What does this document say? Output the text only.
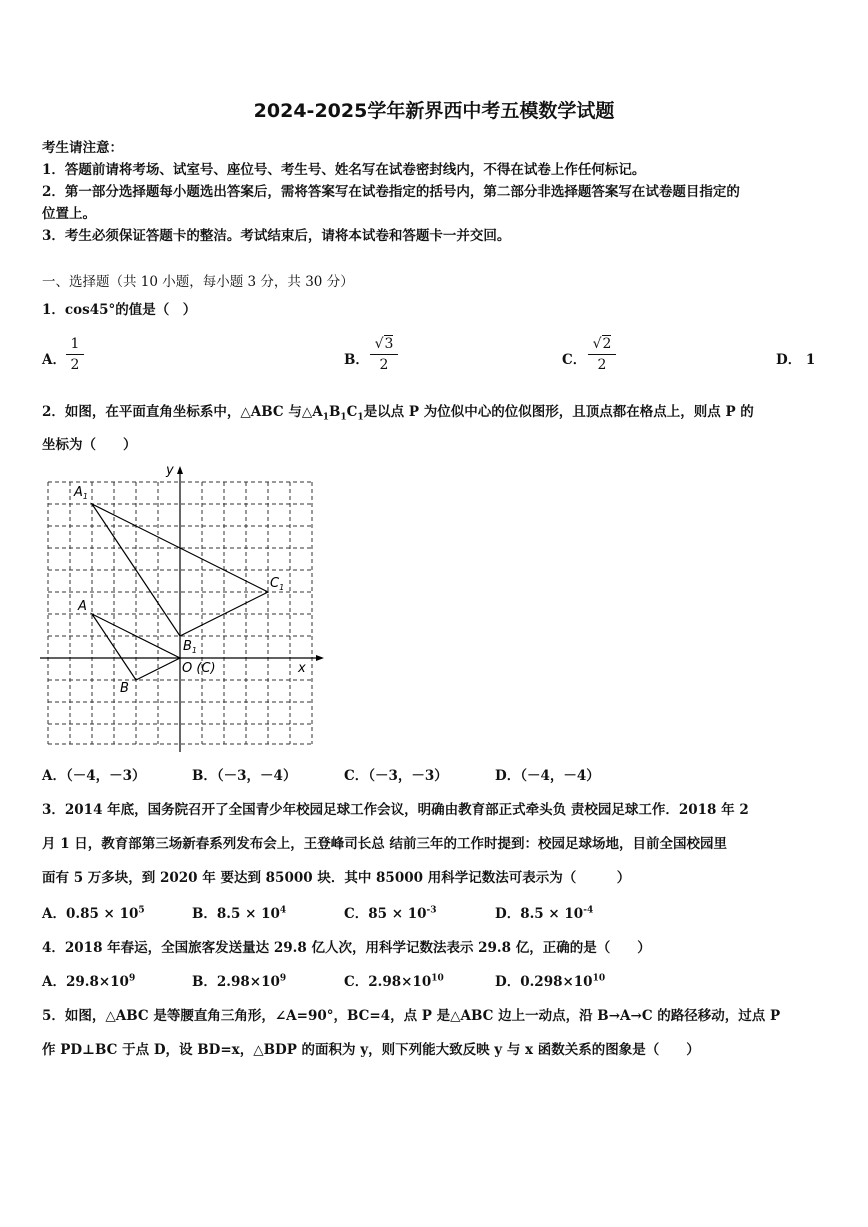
2024-2025学年新界西中考五模数学试题
考生请注意：
1．答题前请将考场、试室号、座位号、考生号、姓名写在试卷密封线内，不得在试卷上作任何标记。
2．第一部分选择题每小题选出答案后，需将答案写在试卷指定的括号内，第二部分非选择题答案写在试卷题目指定的
位置上。
3．考生必须保证答题卡的整洁。考试结束后，请将本试卷和答题卡一并交回。
一、选择题（共 10 小题，每小题 3 分，共 30 分）
1．cos45°的值是（　）
A．
1
2	B．
√3
2	C．
√2
2	D． 1
2．如图，在平面直角坐标系中，△ABC 与$\triangle A_1B_1C_1$是以点 P 为位似中心的位似图形，且顶点都在格点上，则点 P 的
坐标为（　　）
y
x
$A_1$
$B_1$
$C_1$
A
B
O (C)
A．（－4，－3）	B．（－3，－4）	C．（－3，－3）	D．（－4，－4）
3．2014 年底，国务院召开了全国青少年校园足球工作会议，明确由教育部正式牵头负 责校园足球工作．2018 年 2
月 1 日，教育部第三场新春系列发布会上，王登峰司长总 结前三年的工作时提到：校园足球场地，目前全国校园里
面有 5 万多块，到 2020 年 要达到 85000 块．其中 85000 用科学记数法可表示为（　　　）
A．$0.85 \times 10^5$	B．$8.5 \times 10^4$	C．$85 \times 10^{-3}$	D．$8.5 \times 10^{-4}$
4．2018 年春运，全国旅客发送量达 29.8 亿人次，用科学记数法表示 29.8 亿，正确的是（　　）
A．$29.8\times 10^9$	B．$2.98\times 10^9$	C．$2.98\times 10^{10}$	D．$0.298\times 10^{10}$
5．如图，△ABC 是等腰直角三角形，∠A=90°，BC=4，点 P 是△ABC 边上一动点，沿 B→A→C 的路径移动，过点 P
作 PD⊥BC 于点 D，设 BD=x，△BDP 的面积为 y，则下列能大致反映 y 与 x 函数关系的图象是（　　）
